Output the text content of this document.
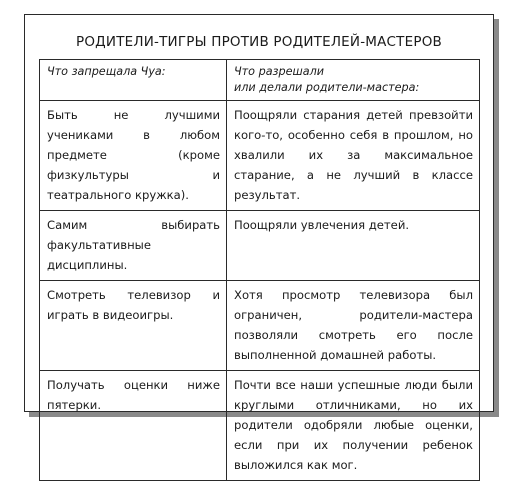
РОДИТЕЛИ-ТИГРЫ ПРОТИВ РОДИТЕЛЕЙ-МАСТЕРОВ
Что запрещала Чуа:	Что разрешали
или делали родители-мастера:
Быть не лучшими учениками в любом предмете (кроме физкультуры и театрального кружка).	Поощряли старания детей превзойти кого-то, особенно себя в прошлом, но хвалили их за максимальное старание, а не лучший в классе результат.
Самим выбирать факультативные дисциплины.	Поощряли увлечения детей.
Смотреть телевизор и играть в видеоигры.	Хотя просмотр телевизора был ограничен, родители-мастера позволяли смотреть его после выполненной домашней работы.
Получать оценки ниже пятерки.	Почти все наши успешные люди были круглыми отличниками, но их родители одобряли любые оценки, если при их получении ребенок выложился как мог.
